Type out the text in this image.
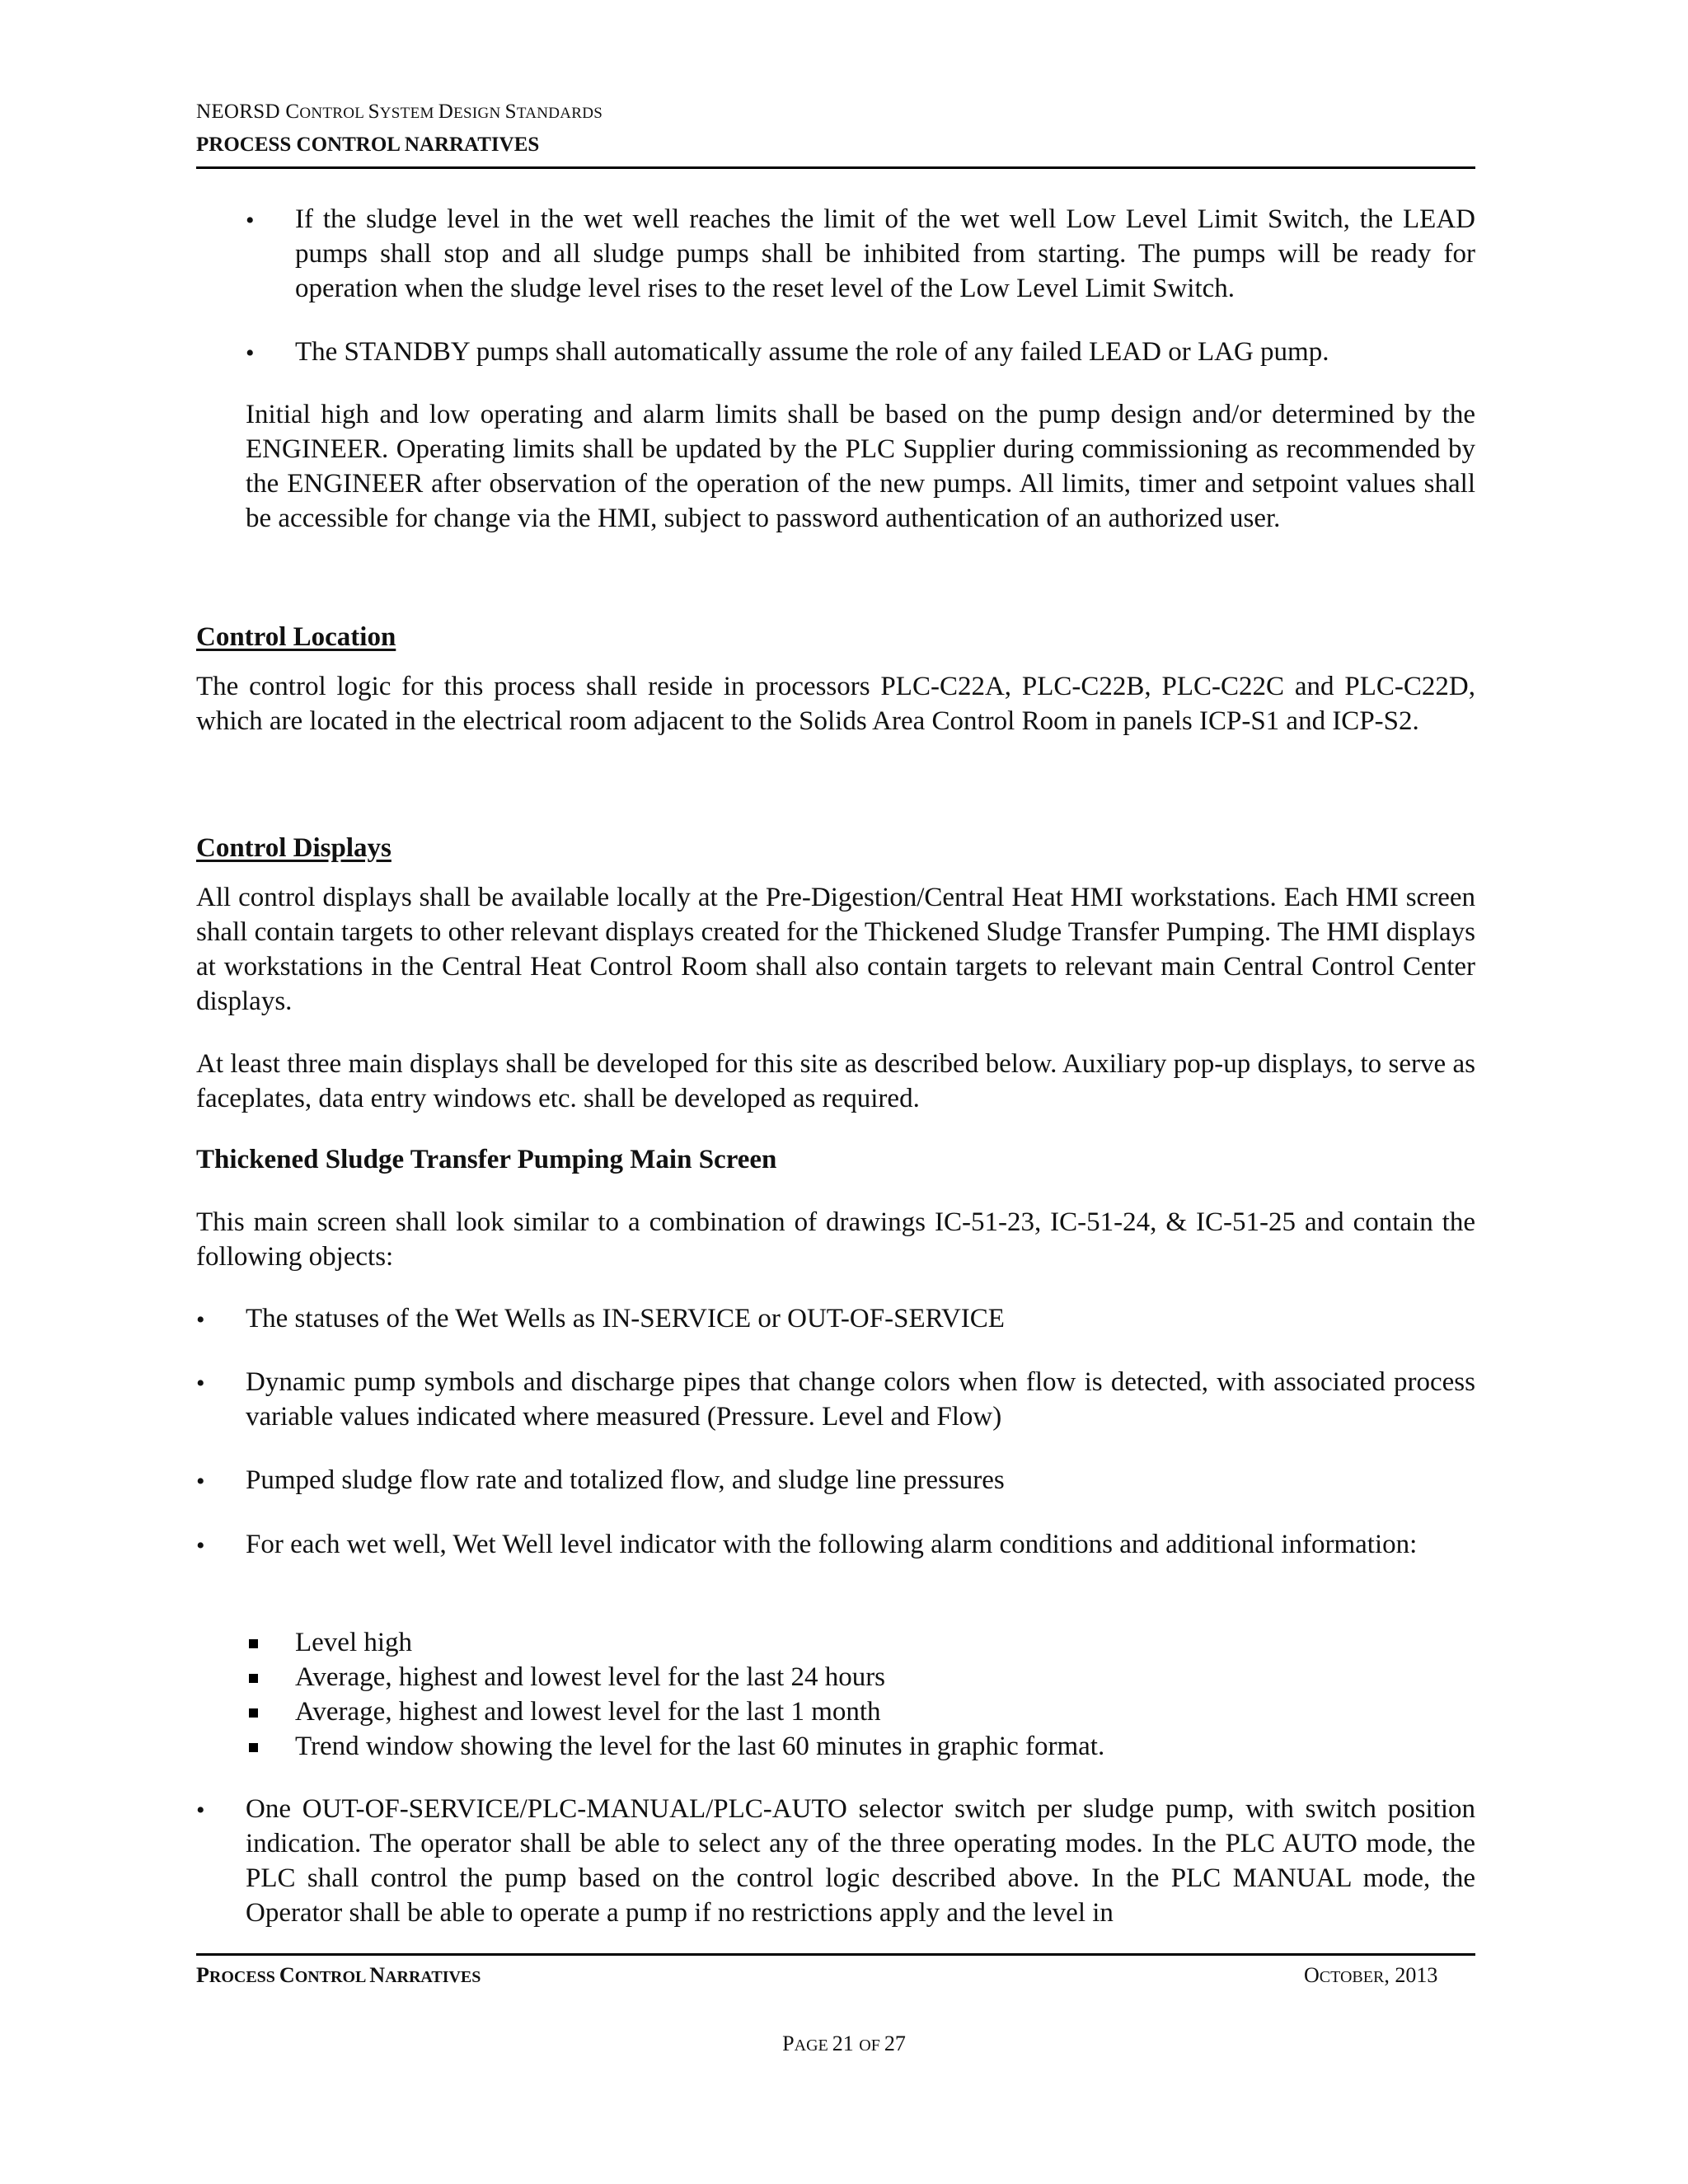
NEORSD CONTROL SYSTEM DESIGN STANDARDS
PROCESS CONTROL NARRATIVES
• If the sludge level in the wet well reaches the limit of the wet well Low Level Limit Switch, the LEAD pumps shall stop and all sludge pumps shall be inhibited from starting. The pumps will be ready for operation when the sludge level rises to the reset level of the Low Level Limit Switch.
• The STANDBY pumps shall automatically assume the role of any failed LEAD or LAG pump.
Initial high and low operating and alarm limits shall be based on the pump design and/or determined by the ENGINEER. Operating limits shall be updated by the PLC Supplier during commissioning as recommended by the ENGINEER after observation of the operation of the new pumps. All limits, timer and setpoint values shall be accessible for change via the HMI, subject to password authentication of an authorized user.
Control Location
The control logic for this process shall reside in processors PLC-C22A, PLC-C22B, PLC-C22C and PLC-C22D, which are located in the electrical room adjacent to the Solids Area Control Room in panels ICP-S1 and ICP-S2.
Control Displays
All control displays shall be available locally at the Pre-Digestion/Central Heat HMI workstations. Each HMI screen shall contain targets to other relevant displays created for the Thickened Sludge Transfer Pumping. The HMI displays at workstations in the Central Heat Control Room shall also contain targets to relevant main Central Control Center displays.
At least three main displays shall be developed for this site as described below. Auxiliary pop-up displays, to serve as faceplates, data entry windows etc. shall be developed as required.
Thickened Sludge Transfer Pumping Main Screen
This main screen shall look similar to a combination of drawings IC-51-23, IC-51-24, & IC-51-25 and contain the following objects:
• The statuses of the Wet Wells as IN-SERVICE or OUT-OF-SERVICE
• Dynamic pump symbols and discharge pipes that change colors when flow is detected, with associated process variable values indicated where measured (Pressure. Level and Flow)
• Pumped sludge flow rate and totalized flow, and sludge line pressures
• For each wet well, Wet Well level indicator with the following alarm conditions and additional information:
Level high
Average, highest and lowest level for the last 24 hours
Average, highest and lowest level for the last 1 month
Trend window showing the level for the last 60 minutes in graphic format.
• One OUT-OF-SERVICE/PLC-MANUAL/PLC-AUTO selector switch per sludge pump, with switch position indication. The operator shall be able to select any of the three operating modes. In the PLC AUTO mode, the PLC shall control the pump based on the control logic described above. In the PLC MANUAL mode, the Operator shall be able to operate a pump if no restrictions apply and the level in
PROCESS CONTROL NARRATIVES	OCTOBER, 2013
PAGE 21 OF 27
